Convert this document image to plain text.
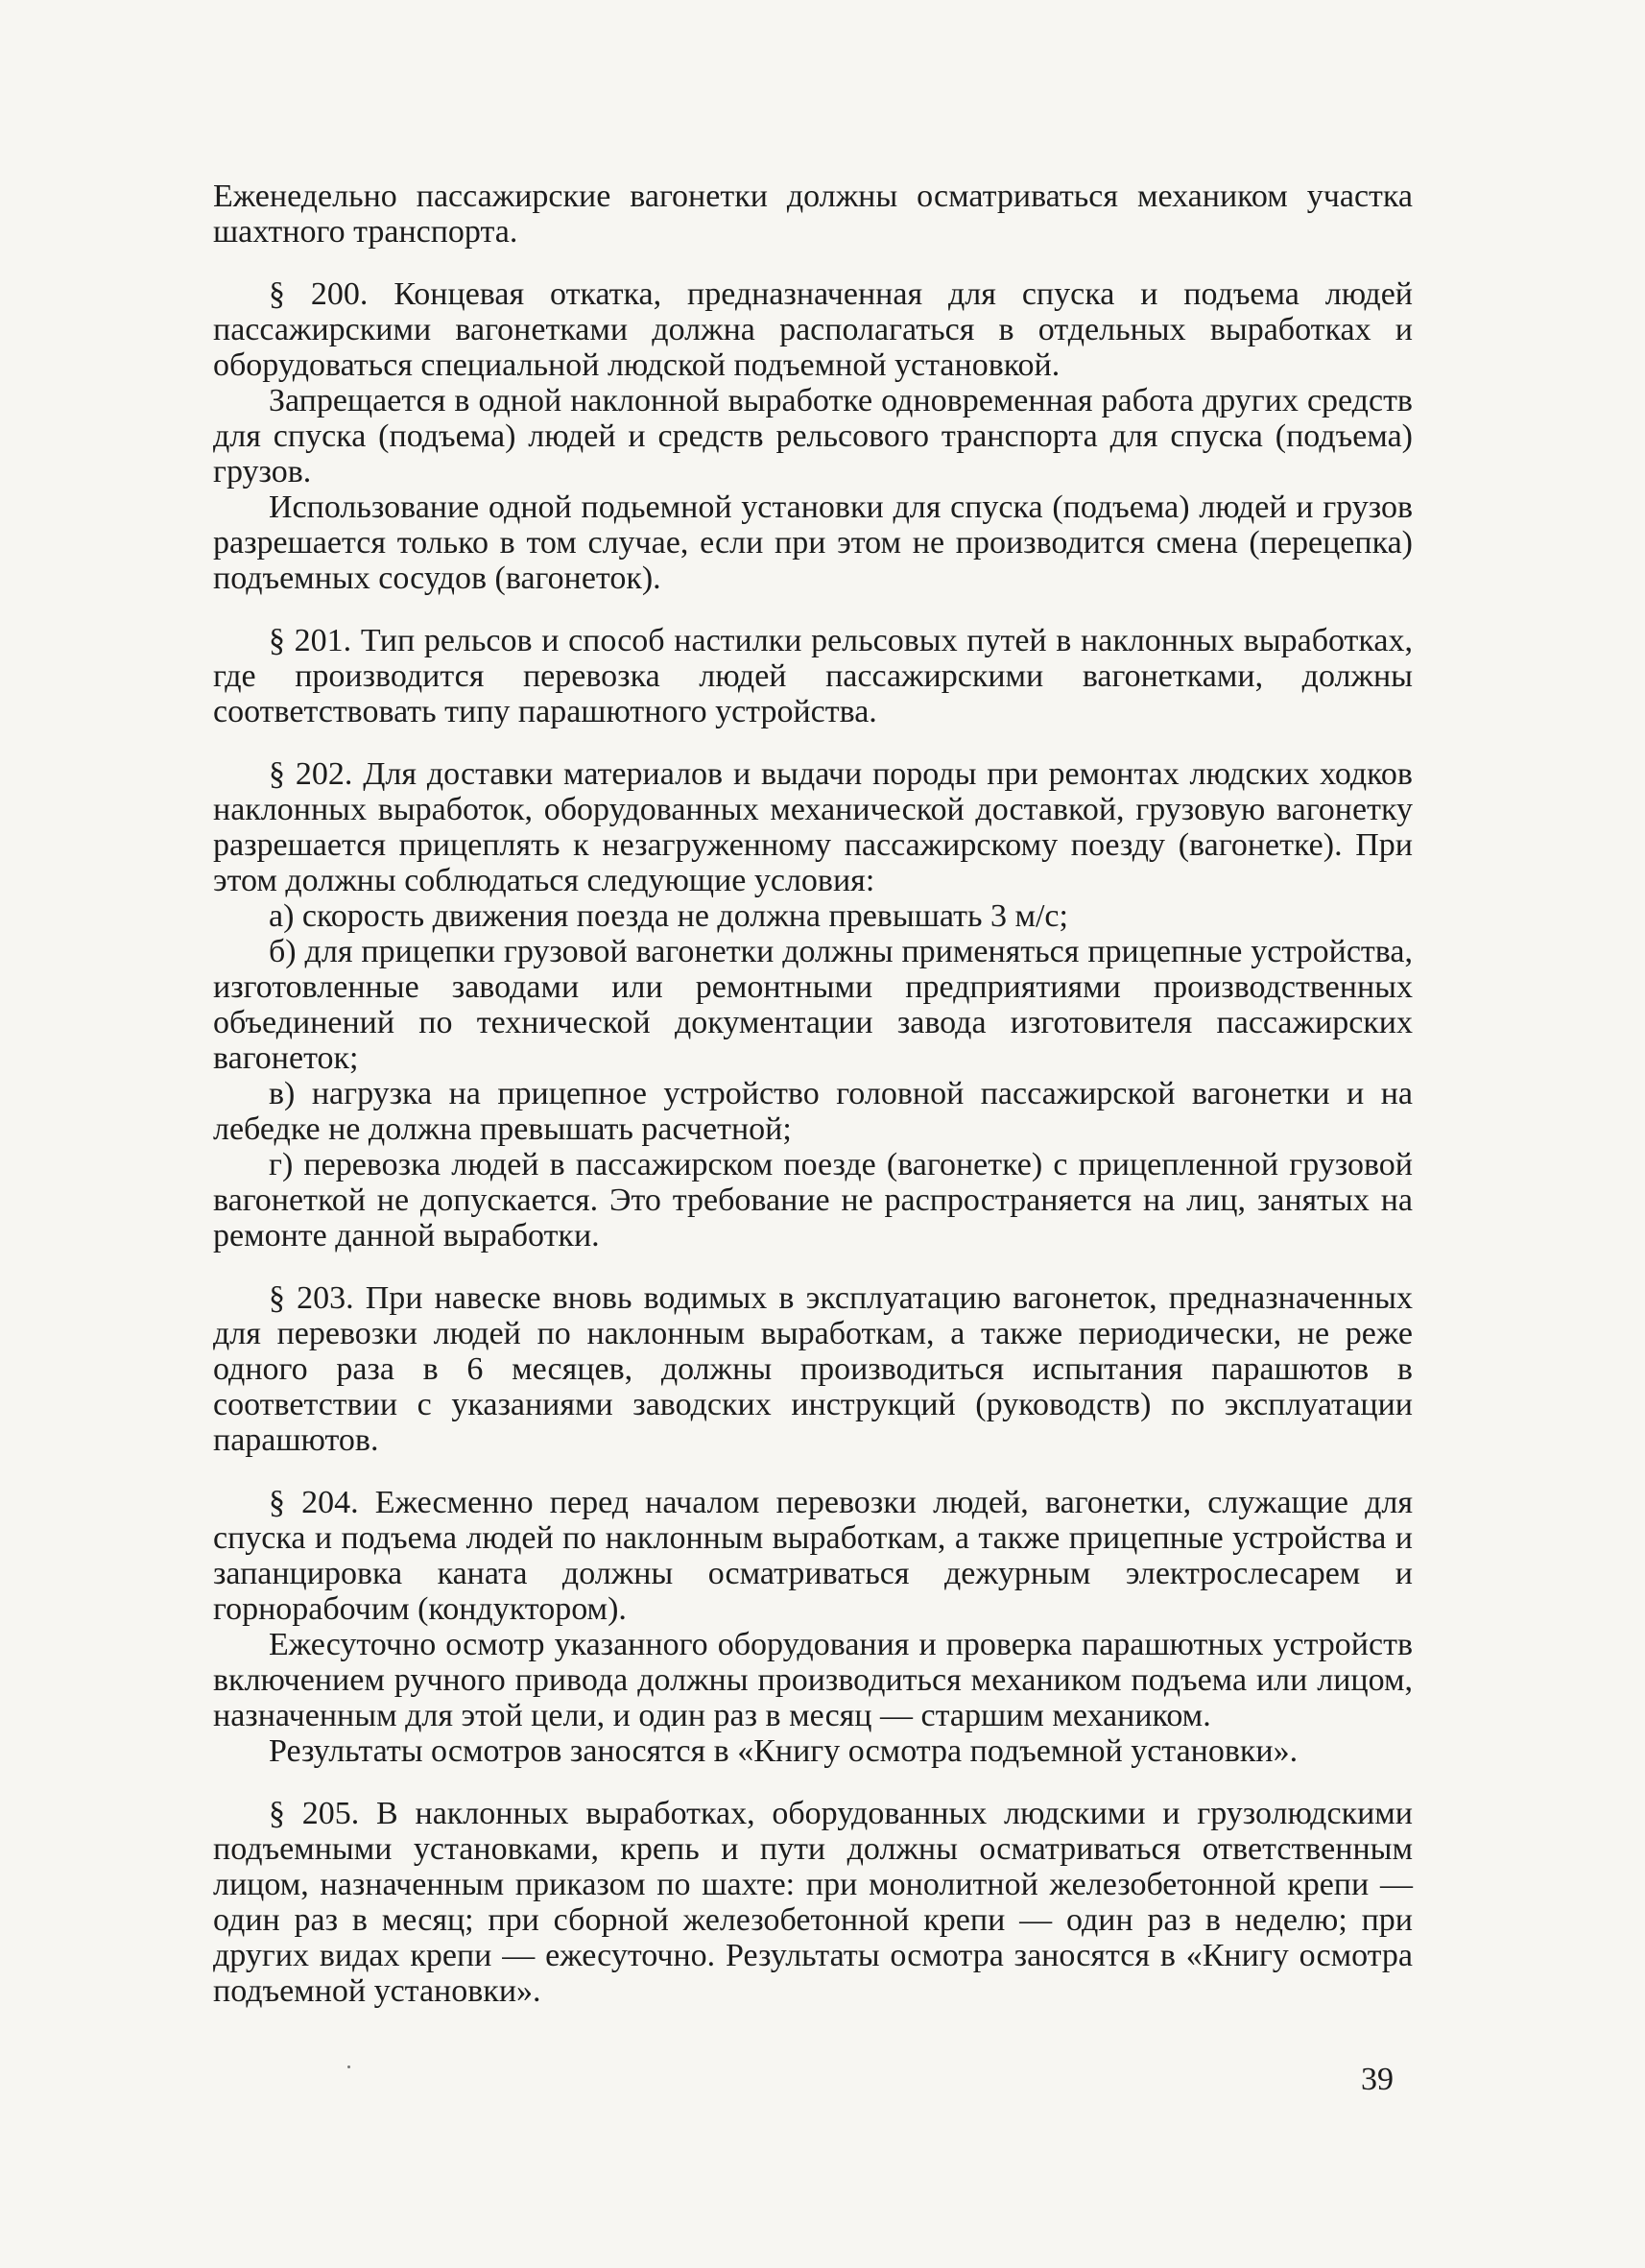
Еженедельно пассажирские вагонетки должны осматриваться механиком участка шахтного транспорта.

§ 200. Концевая откатка, предназначенная для спуска и подъема людей пассажирскими вагонетками должна располагаться в отдельных выработках и оборудоваться специальной людской подъемной установкой.

Запрещается в одной наклонной выработке одновременная работа других средств для спуска (подъема) людей и средств рельсового транспорта для спуска (подъема) грузов.

Использование одной подьемной установки для спуска (подъема) людей и грузов разрешается только в том случае, если при этом не производится смена (перецепка) подъемных сосудов (вагонеток).

§ 201. Тип рельсов и способ настилки рельсовых путей в наклонных выработках, где производится перевозка людей пассажирскими вагонетками, должны соответствовать типу парашютного устройства.

§ 202. Для доставки материалов и выдачи породы при ремонтах людских ходков наклонных выработок, оборудованных механической доставкой, грузовую вагонетку разрешается прицеплять к незагруженному пассажирскому поезду (вагонетке). При этом должны соблюдаться следующие условия:

а) скорость движения поезда не должна превышать 3 м/с;

б) для прицепки грузовой вагонетки должны применяться прицепные устройства, изготовленные заводами или ремонтными предприятиями производственных объединений по технической документации завода изготовителя пассажирских вагонеток;

в) нагрузка на прицепное устройство головной пассажирской вагонетки и на лебедке не должна превышать расчетной;

г) перевозка людей в пассажирском поезде (вагонетке) с прицепленной грузовой вагонеткой не допускается. Это требование не распространяется на лиц, занятых на ремонте данной выработки.

§ 203. При навеске вновь водимых в эксплуатацию вагонеток, предназначенных для перевозки людей по наклонным выработкам, а также периодически, не реже одного раза в 6 месяцев, должны производиться испытания парашютов в соответствии с указаниями заводских инструкций (руководств) по эксплуатации парашютов.

§ 204. Ежесменно перед началом перевозки людей, вагонетки, служащие для спуска и подъема людей по наклонным выработкам, а также прицепные устройства и запанцировка каната должны осматриваться дежурным электрослесарем и горнорабочим (кондуктором).

Ежесуточно осмотр указанного оборудования и проверка парашютных устройств включением ручного привода должны производиться механиком подъема или лицом, назначенным для этой цели, и один раз в месяц — старшим механиком.

Результаты осмотров заносятся в «Книгу осмотра подъемной установки».

§ 205. В наклонных выработках, оборудованных людскими и грузолюдскими подъемными установками, крепь и пути должны осматриваться ответственным лицом, назначенным приказом по шахте: при монолитной железобетонной крепи — один раз в месяц; при сборной железобетонной крепи — один раз в неделю; при других видах крепи — ежесуточно. Результаты осмотра заносятся в «Книгу осмотра подъемной установки».

39
